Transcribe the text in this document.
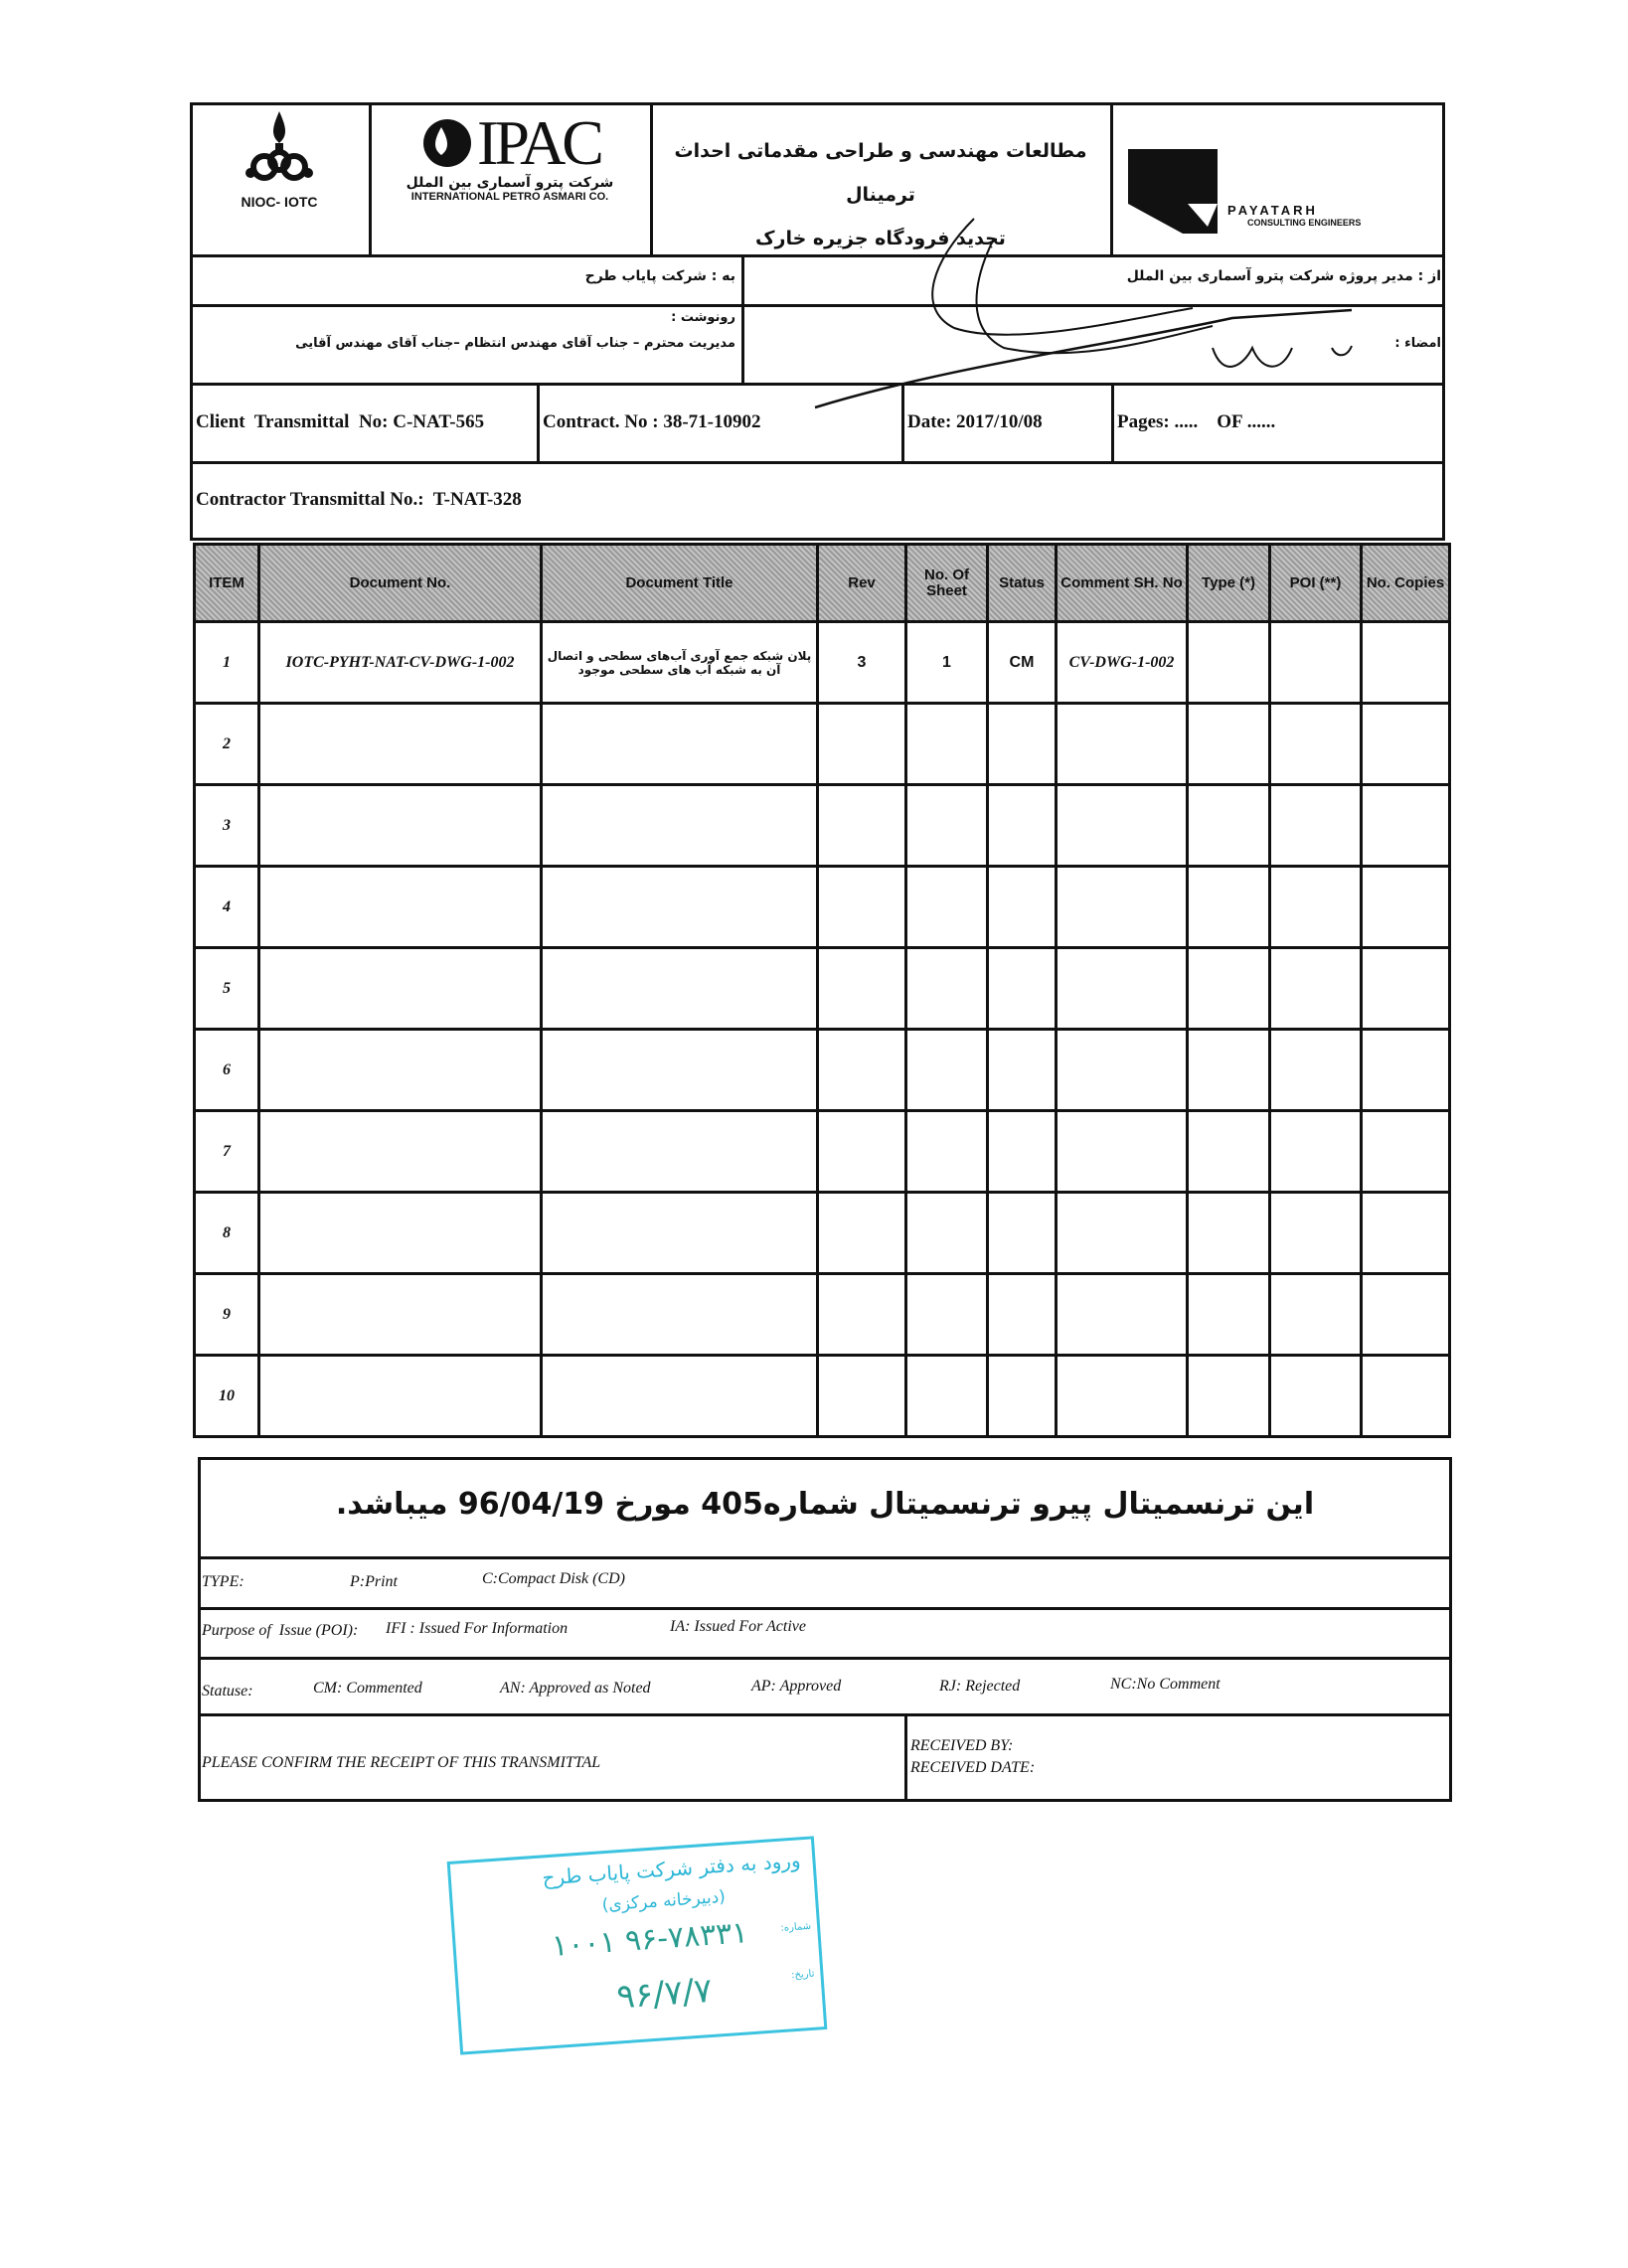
NIOC- IOTC
IPAC
شرکت پترو آسماری بین الملل
INTERNATIONAL PETRO ASMARI CO.
مطالعات مهندسی و طراحی مقدماتی احداث ترمینال
تجدید فرودگاه جزیره خارک
PAYATARH
CONSULTING ENGINEERS
به : شرکت پایاب طرح	از : مدیر پروژه شرکت پترو آسماری بین الملل
رونوشت :
مدیریت محترم – جناب آقای مهندس انتظام –جناب آقای مهندس آقایی	امضاء :
Client  Transmittal  No: C-NAT-565	Contract. No : 38-71-10902	Date: 2017/10/08	Pages: .....    OF ......
Contractor Transmittal No.:  T-NAT-328
ITEM	Document No.	Document Title	Rev	No. Of Sheet	Status	Comment SH. No	Type (*)	POI (**)	No. Copies
1	IOTC-PYHT-NAT-CV-DWG-1-002	پلان شبکه جمع آوری آب‌های سطحی و اتصال آن به شبکه آب های سطحی موجود	3	1	CM	CV-DWG-1-002			
2									
3									
4									
5									
6									
7									
8									
9									
10									
این ترنسمیتال پیرو ترنسمیتال شماره405 مورخ 96/04/19 میباشد.
TYPE:	P:Print	C:Compact Disk (CD)
Purpose of  Issue (POI): IFI : Issued For Information	IA: Issued For Active
Statuse:	CM: Commented	AN: Approved as Noted	AP: Approved	RJ: Rejected	NC:No Comment
PLEASE CONFIRM THE RECEIPT OF THIS TRANSMITTAL
RECEIVED BY:
RECEIVED DATE:
ورود به دفتر شرکت پایاب طرح
(دبیرخانه مرکزی)
شماره:
۱۰۰۱ ۹۶-۷۸۳۳۱
تاریخ:
۹۶/۷/۷
